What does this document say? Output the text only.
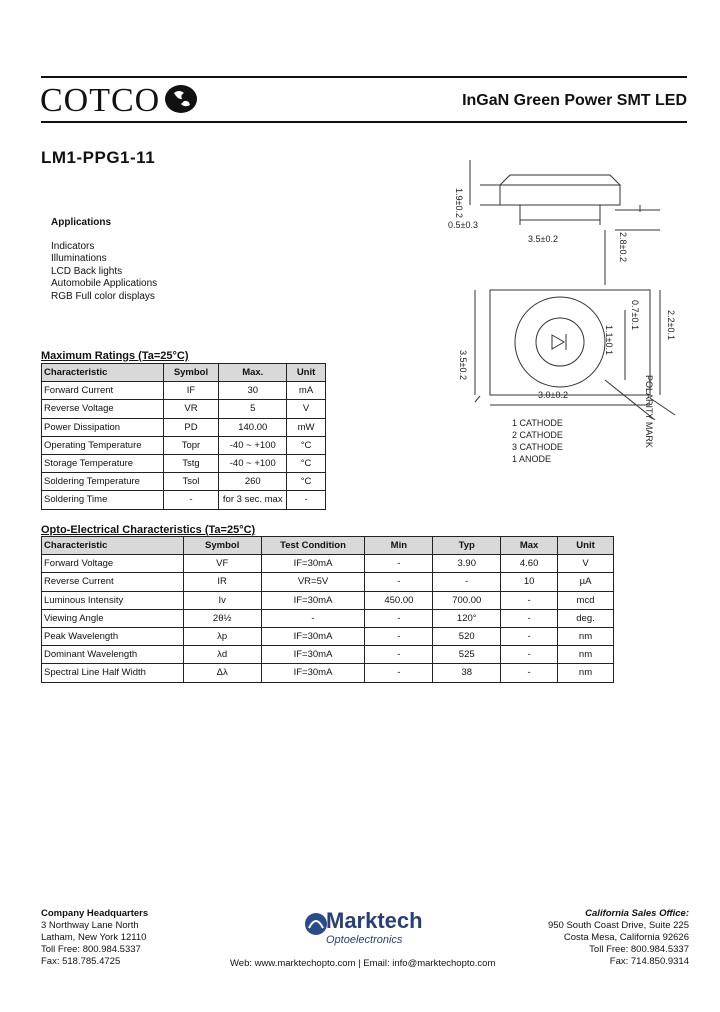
COTCO	InGaN Green Power SMT LED
LM1-PPG1-11
Applications
Indicators
Illuminations
LCD Back lights
Automobile Applications
RGB Full color displays
1.9±0.2
0.5±0.3
3.5±0.2	2.8±0.2
3.5±0.2
3.0±0.2
2.2±0.1
0.7±0.1
1.1±0.1
1 CATHODE
2 CATHODE
3 CATHODE
1 ANODE
POLARITY MARK
Maximum Ratings (Ta=25°C)
Characteristic	Symbol	Max.	Unit
Forward Current	IF	30	mA
Reverse Voltage	VR	5	V
Power Dissipation	PD	140.00	mW
Operating Temperature	Topr	-40 ~ +100	°C
Storage Temperature	Tstg	-40 ~ +100	°C
Soldering Temperature	Tsol	260	°C
Soldering Time	-	for 3 sec. max	-
Opto-Electrical Characteristics (Ta=25°C)
Characteristic	Symbol	Test Condition	Min	Typ	Max	Unit
Forward Voltage	VF	IF=30mA	-	3.90	4.60	V
Reverse Current	IR	VR=5V	-	-	10	µA
Luminous Intensity	Iv	IF=30mA	450.00	700.00	-	mcd
Viewing Angle	2θ½	-	-	120°	-	deg.
Peak Wavelength	λp	IF=30mA	-	520	-	nm
Dominant Wavelength	λd	IF=30mA	-	525	-	nm
Spectral Line Half Width	Δλ	IF=30mA	-	38	-	nm
Company Headquarters
3 Northway Lane North
Latham, New York 12110
Toll Free: 800.984.5337
Fax: 518.785.4725
Marktech
Optoelectronics
Web: www.marktechopto.com | Email: info@marktechopto.com
California Sales Office:
950 South Coast Drive, Suite 225
Costa Mesa, California 92626
Toll Free: 800.984.5337
Fax: 714.850.9314
